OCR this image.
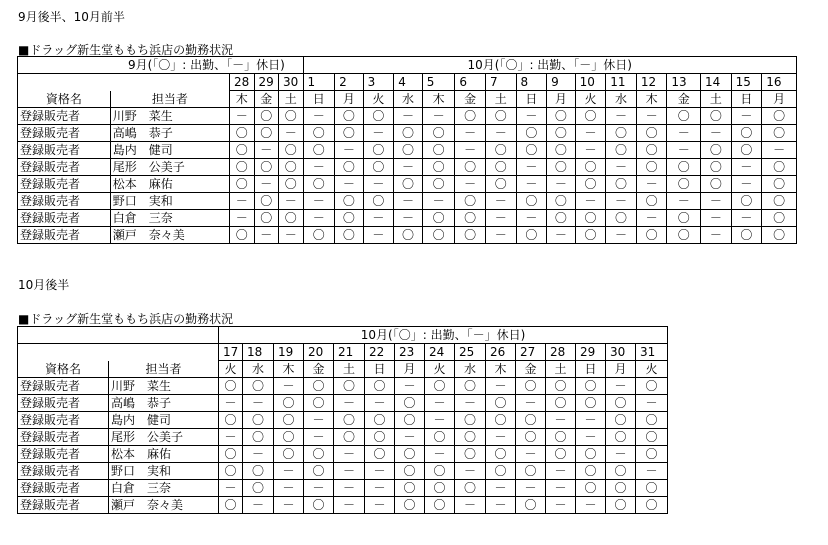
9月後半、10月前半
■ドラッグ新生堂ももち浜店の勤務状況
	9月(「〇」: 出勤、「－」休日)				10月(「〇」: 出勤、「－」休日)															
		28	29	30	1	2	3	4	5	6	7	8	9	10	11	12	13	14	15	16
資格名	担当者	木	金	土	日	月	火	水	木	金	土	日	月	火	水	木	金	土	日	月
登録販売者	川野　菜生	－	〇	〇	－	〇	〇	－	－	〇	〇	－	〇	〇	－	－	〇	〇	－	〇
登録販売者	高嶋　恭子	〇	〇	－	〇	〇	－	〇	〇	－	－	〇	〇	－	〇	〇	－	－	〇	〇
登録販売者	島内　健司	〇	－	〇	〇	－	〇	〇	〇	－	〇	〇	〇	－	〇	〇	－	〇	〇	－
登録販売者	尾形　公美子	〇	〇	〇	－	〇	〇	－	〇	〇	〇	－	〇	〇	－	〇	〇	〇	－	〇
登録販売者	松本　麻佑	〇	－	〇	〇	－	－	〇	〇	－	〇	－	－	〇	〇	－	〇	〇	－	〇
登録販売者	野口　実和	－	〇	－	－	〇	〇	－	－	〇	－	〇	〇	－	－	〇	－	－	〇	〇
登録販売者	白倉　三奈	－	〇	〇	－	〇	－	－	〇	〇	－	－	〇	〇	〇	－	〇	－	－	〇
登録販売者	瀬戸　奈々美	〇	－	－	〇	〇	－	〇	〇	〇	－	〇	－	〇	－	〇	〇	－	〇	〇
10月後半
■ドラッグ新生堂ももち浜店の勤務状況
		10月(「〇」: 出勤、「－」休日)														
		17	18	19	20	21	22	23	24	25	26	27	28	29	30	31
資格名	担当者	火	水	木	金	土	日	月	火	水	木	金	土	日	月	火
登録販売者	川野　菜生	〇	〇	－	〇	〇	〇	－	〇	〇	－	〇	〇	〇	－	〇
登録販売者	高嶋　恭子	－	－	〇	〇	－	－	〇	－	－	〇	－	〇	〇	〇	－
登録販売者	島内　健司	〇	〇	〇	－	〇	〇	〇	－	〇	〇	〇	－	－	〇	〇
登録販売者	尾形　公美子	－	〇	〇	－	〇	〇	－	〇	〇	－	〇	〇	－	〇	〇
登録販売者	松本　麻佑	〇	－	〇	〇	－	〇	〇	－	〇	〇	－	〇	〇	－	〇
登録販売者	野口　実和	〇	〇	－	〇	－	－	〇	〇	－	〇	〇	－	〇	〇	－
登録販売者	白倉　三奈	－	〇	－	－	－	－	〇	〇	〇	－	－	－	〇	〇	〇
登録販売者	瀬戸　奈々美	〇	－	－	〇	－	－	〇	〇	－	－	〇	－	－	〇	〇
